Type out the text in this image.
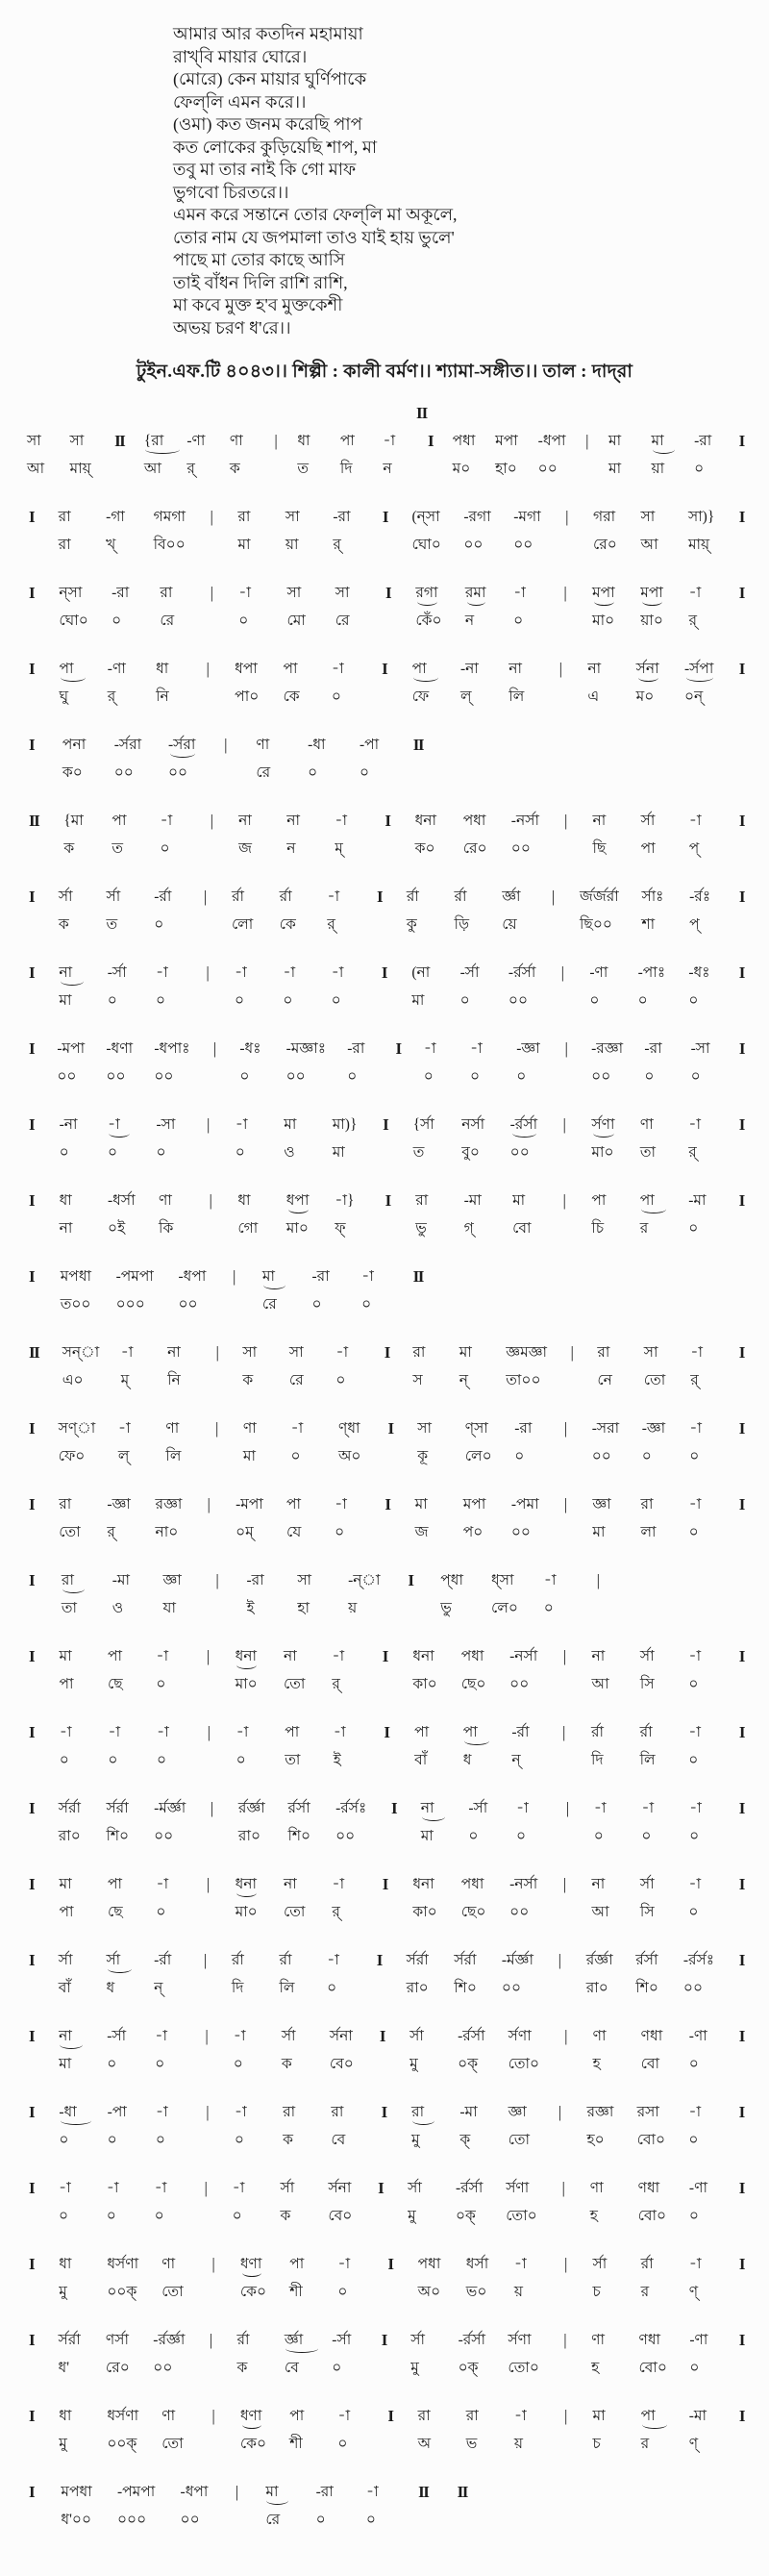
আমার আর কতদিন মহামায়া
রাখ্‌বি মায়ার ঘোরে।
(মোরে) কেন মায়ার ঘুর্ণিপাকে
ফেল্‌লি এমন করে।।
(ওমা) কত জনম করেছি পাপ
কত লোকের কুড়িয়েছি শাপ, মা
তবু মা তার নাই কি গো মাফ
ভুগবো চিরতরে।।
এমন করে সন্তানে তোর ফেল্‌লি মা অকূলে,
তোর নাম যে জপমালা তাও যাই হায় ভুলে'
পাছে মা তোর কাছে আসি
তাই বাঁধন দিলি রাশি রাশি,
মা কবে মুক্ত হ'ব মুক্তকেশী
অভয় চরণ ধ'রে।।
টুইন.এফ.টি ৪০৪৩।। শিল্পী : কালী বর্মণ।। শ্যামা-সঙ্গীত।। তাল : দাদ্‌রা
II
সা
আ
সা
মায়্
II {রা
আ
-ণা
র্
ণা
ক
| ধা
ত
পা
দি
-া
ন
I পধা
ম০
মপা
হা০
-ধপা
০০
| মা
মা
মা
য়া
-রা
০
I
I রা
রা
-গা
খ্
গমগা
বি০০
| রা
মা
সা
য়া
-রা
র্
I (ন্‌সা
ঘো০
-রগা
০০
-মগা
০০
| গরা
রে০
সা
আ
সা)}
মায়্
I
I ন্‌সা
ঘো০
-রা
০
রা
রে
| -া
০
সা
মো
সা
রে
I রগা
কেঁ০
রমা
ন
-া
০
| মপা
মা০
মপা
য়া০
-া
র্
I
I পা
ঘু
-ণা
র্
ধা
নি
| ধপা
পা০
পা
কে
-া
০
I পা
ফে
-না
ল্
না
লি
| না
এ
র্সনা
ম০
-র্সপা
০ন্
I
I পনা
ক০
-র্সরা
০০
-র্সরা
০০
| ণা
রে
-ধা
০
-পা
০
II
II {মা
ক
পা
ত
-া
০
| না
জ
না
ন
-া
ম্
I ধনা
ক০
পধা
রে০
-নর্সা
০০
| না
ছি
র্সা
পা
-া
প্
I
I র্সা
ক
র্সা
ত
-র্রা
০
| র্রা
লো
র্রা
কে
-া
র্
I র্রা
কু
র্রা
ড়ি
র্জ্ঞা
য়ে
| র্জর্জর্রা
ছি০০
র্সাঃ
শা
-র্রঃ
প্
I
I না
মা
-র্সা
০
-া
০
| -া
০
-া
০
-া
০
I (না
মা
-র্সা
০
-র্রর্সা
০০
| -ণা
০
-পাঃ
০
-ধঃ
০
I
I -মপা
০০
-ধণা
০০
-ধপাঃ
০০
| -ধঃ
০
-মজ্ঞাঃ
০০
-রা
০
I -া
০
-া
০
-জ্ঞা
০
| -রজ্ঞা
০০
-রা
০
-সা
০
I
I -না
০
-া
০
-সা
০
| -া
০
মা
ও
মা)}
মা
I {র্সা
ত
নর্সা
বু০
-র্রর্সা
০০
| র্সণা
মা০
ণা
তা
-া
র্
I
I ধা
না
-ধর্সা
০ই
ণা
কি
| ধা
গো
ধপা
মা০
-া}
ফ্
I রা
ভু
-মা
গ্
মা
বো
| পা
চি
পা
র
-মা
০
I
I মপধা
ত০০
-পমপা
০০০
-ধপা
০০
| মা
রে
-রা
০
-া
০
II
II সন্‌া
এ০
-া
ম্
না
নি
| সা
ক
সা
রে
-া
০
I রা
স
মা
ন্
জ্ঞমজ্ঞা
তা০০
| রা
নে
সা
তো
-া
র্
I
I সণ্‌া
ফে০
-া
ল্
ণা
লি
| ণা
মা
-া
০
ণ্‌ধা
অ০
I সা
কূ
ণ্‌সা
লে০
-রা
০
| -সরা
০০
-জ্ঞা
০
-া
০
I
I রা
তো
-জ্ঞা
র্
রজ্ঞা
না০
| -মপা
০ম্
পা
যে
-া
০
I মা
জ
মপা
প০
-পমা
০০
| জ্ঞা
মা
রা
লা
-া
০
I
I রা
তা
-মা
ও
জ্ঞা
যা
| -রা
ই
সা
হা
-ন্‌া
য়
I প্‌ধা
ভু
ধ্‌সা
লে০
-া
০
|
I মা
পা
পা
ছে
-া
০
| ধনা
মা০
না
তো
-া
র্
I ধনা
কা০
পধা
ছে০
-নর্সা
০০
| না
আ
র্সা
সি
-া
০
I
I -া
০
-া
০
-া
০
| -া
০
পা
তা
-া
ই
I পা
বাঁ
পা
ধ
-র্রা
ন্
| র্রা
দি
র্রা
লি
-া
০
I
I র্সর্রা
রা০
র্সর্রা
শি০
-র্মর্জ্ঞা
০০
| র্রর্জ্ঞা
রা০
র্রর্সা
শি০
-র্রর্সঃ
০০
I না
মা
-র্সা
০
-া
০
| -া
০
-া
০
-া
০
I
I মা
পা
পা
ছে
-া
০
| ধনা
মা০
না
তো
-া
র্
I ধনা
কা০
পধা
ছে০
-নর্সা
০০
| না
আ
র্সা
সি
-া
০
I
I র্সা
বাঁ
র্সা
ধ
-র্রা
ন্
| র্রা
দি
র্রা
লি
-া
০
I র্সর্রা
রা০
র্সর্রা
শি০
-র্মর্জ্ঞা
০০
| র্রর্জ্ঞা
রা০
র্রর্সা
শি০
-র্রর্সঃ
০০
I
I না
মা
-র্সা
০
-া
০
| -া
০
র্সা
ক
র্সনা
বে০
I র্সা
মু
-র্রর্সা
০ক্
র্সণা
তো০
| ণা
হ
ণধা
বো
-ণা
০
I
I -ধা
০
-পা
০
-া
০
| -া
০
রা
ক
রা
বে
I রা
মু
-মা
ক্
জ্ঞা
তো
| রজ্ঞা
হ০
রসা
বো০
-া
০
I
I -া
০
-া
০
-া
০
| -া
০
র্সা
ক
র্সনা
বে০
I র্সা
মু
-র্রর্সা
০ক্
র্সণা
তো০
| ণা
হ
ণধা
বো০
-ণা
০
I
I ধা
মু
ধর্সণা
০০ক্
ণা
তো
| ধণা
কে০
পা
শী
-া
০
I পধা
অ০
ধর্সা
ভ০
-া
য়
| র্সা
চ
র্রা
র
-া
ণ্
I
I র্সর্রা
ধ'
ণর্সা
রে০
-র্রর্জ্ঞা
০০
| র্রা
ক
র্জ্ঞা
বে
-র্সা
০
I র্সা
মু
-র্রর্সা
০ক্
র্সণা
তো০
| ণা
হ
ণধা
বো০
-ণা
০
I
I ধা
মু
ধর্সণা
০০ক্
ণা
তো
| ধণা
কে০
পা
শী
-া
০
I রা
অ
রা
ভ
-া
য়
| মা
চ
পা
র
-মা
ণ্
I
I মপধা
ধ'০০
-পমপা
০০০
-ধপা
০০
| মা
রে
-রা
০
-া
০
II II
